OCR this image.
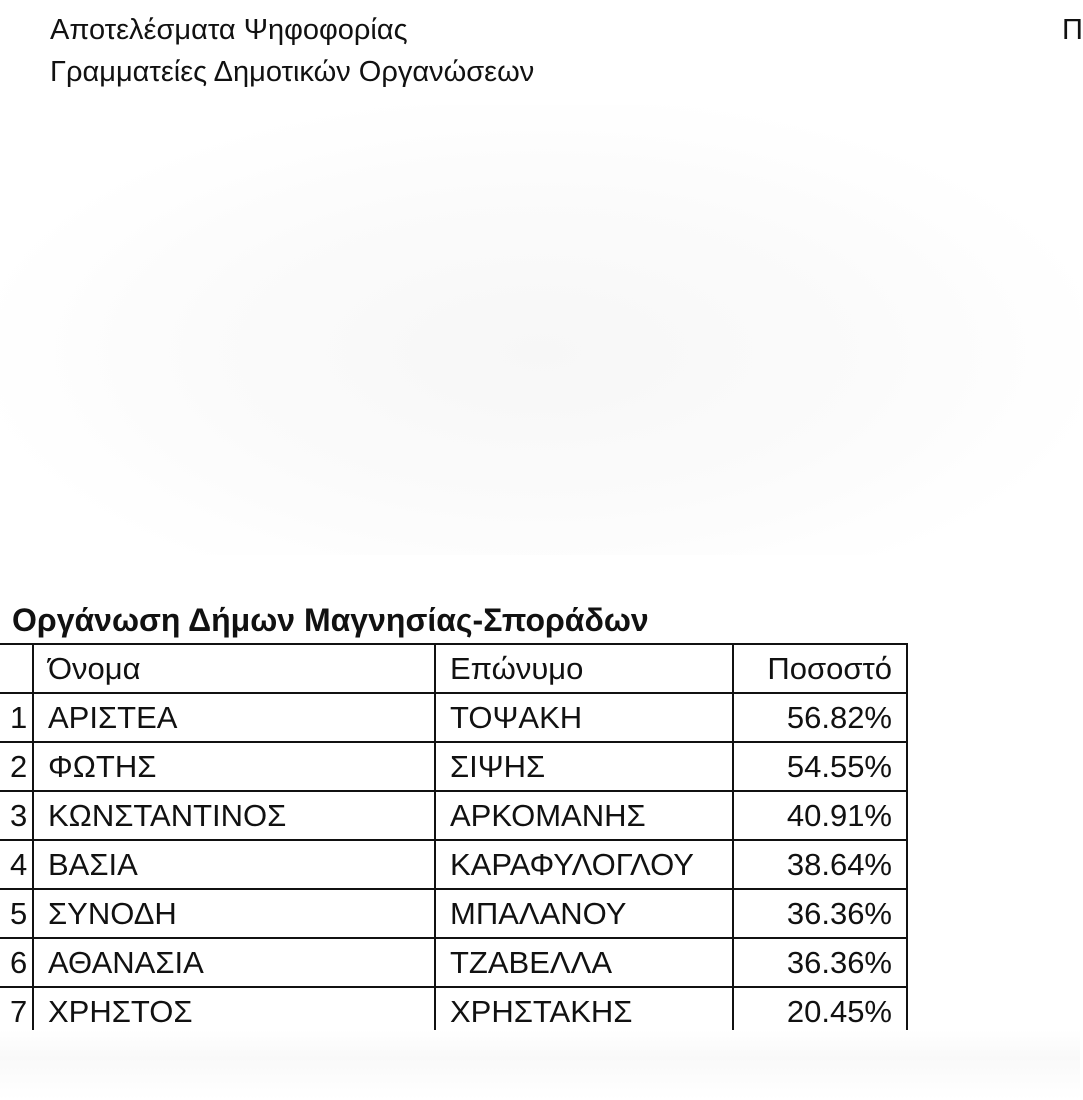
Αποτελέσματα Ψηφοφορίας
Γραμματείες Δημοτικών Οργανώσεων
Π
Οργάνωση Δήμων Μαγνησίας-Σποράδων
	Όνομα	Επώνυμο	Ποσοστό
1	ΑΡΙΣΤΕΑ	ΤΟΨΑΚΗ	56.82%
2	ΦΩΤΗΣ	ΣΙΨΗΣ	54.55%
3	ΚΩΝΣΤΑΝΤΙΝΟΣ	ΑΡΚΟΜΑΝΗΣ	40.91%
4	ΒΑΣΙΑ	ΚΑΡΑΦΥΛΟΓΛΟΥ	38.64%
5	ΣΥΝΟΔΗ	ΜΠΑΛΑΝΟΥ	36.36%
6	ΑΘΑΝΑΣΙΑ	ΤΖΑΒΕΛΛΑ	36.36%
7	ΧΡΗΣΤΟΣ	ΧΡΗΣΤΑΚΗΣ	20.45%
